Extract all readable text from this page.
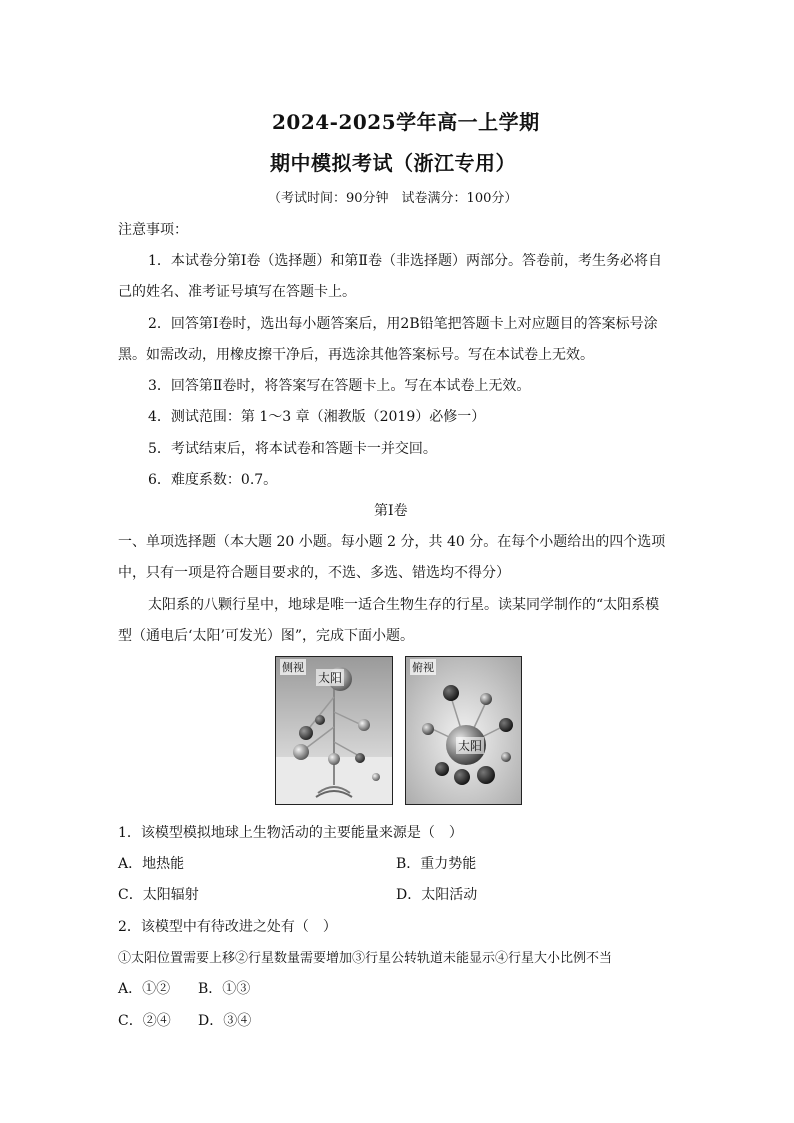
2024-2025学年高一上学期
期中模拟考试（浙江专用）
（考试时间：90分钟　试卷满分：100分）
注意事项：
1．本试卷分第Ⅰ卷（选择题）和第Ⅱ卷（非选择题）两部分。答卷前，考生务必将自
己的姓名、准考证号填写在答题卡上。
2．回答第Ⅰ卷时，选出每小题答案后，用2B铅笔把答题卡上对应题目的答案标号涂
黑。如需改动，用橡皮擦干净后，再选涂其他答案标号。写在本试卷上无效。
3．回答第Ⅱ卷时，将答案写在答题卡上。写在本试卷上无效。
4．测试范围：第 1～3 章（湘教版（2019）必修一）
5．考试结束后，将本试卷和答题卡一并交回。
6．难度系数：0.7。
第Ⅰ卷
一、单项选择题（本大题 20 小题。每小题 2 分，共 40 分。在每个小题给出的四个选项
中，只有一项是符合题目要求的，不选、多选、错选均不得分）
太阳系的八颗行星中，地球是唯一适合生物生存的行星。读某同学制作的“太阳系模
型（通电后‘太阳’可发光）图”，完成下面小题。
侧视
太阳
俯视
太阳
1．该模型模拟地球上生物活动的主要能量来源是（　）
A．地热能	B．重力势能
C．太阳辐射	D．太阳活动
2．该模型中有待改进之处有（　）
①太阳位置需要上移②行星数量需要增加③行星公转轨道未能显示④行星大小比例不当
A．①② B．①③
C．②④ D．③④
